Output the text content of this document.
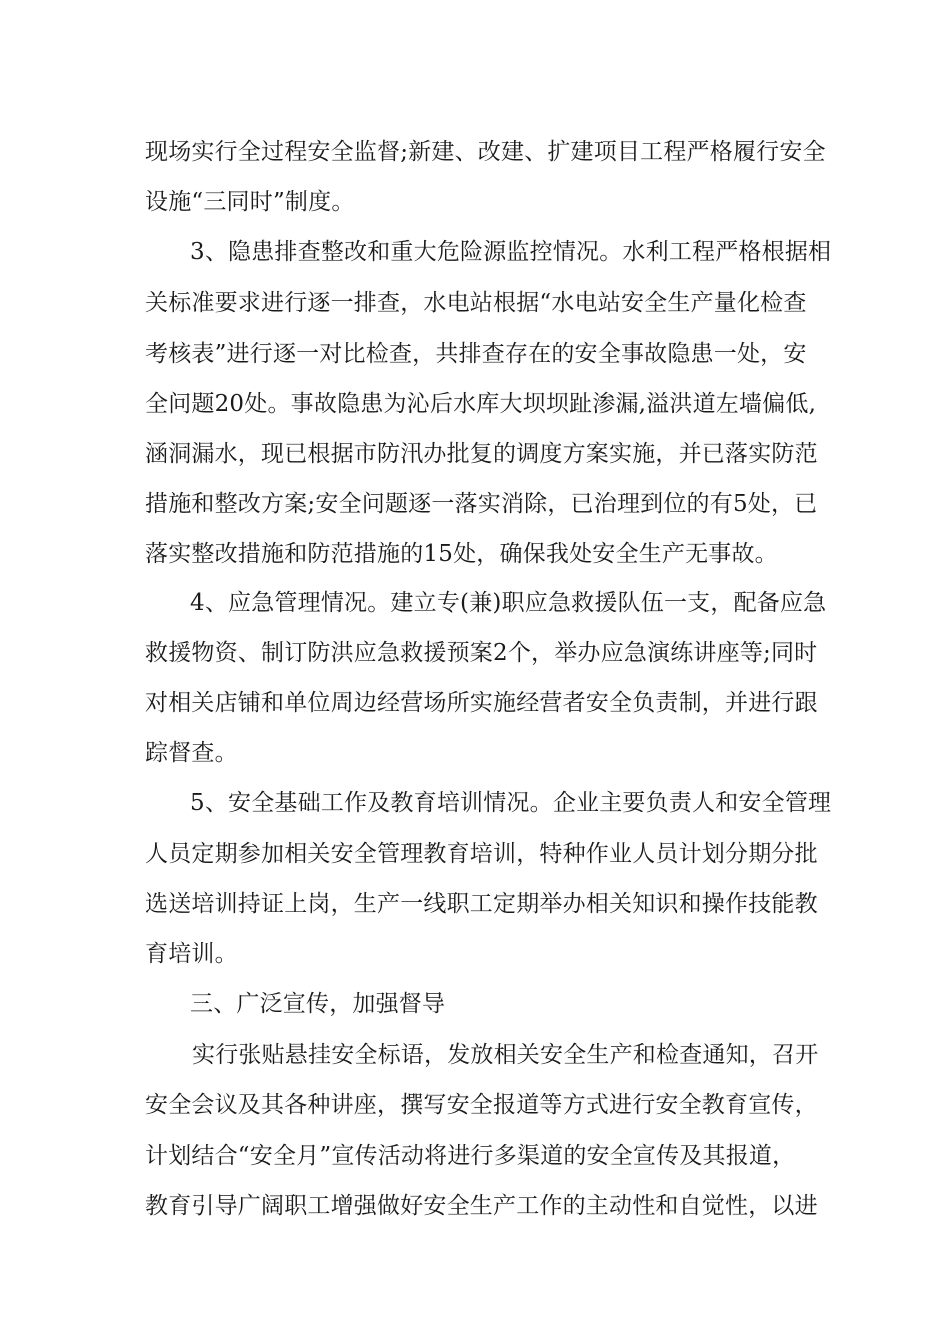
现场实行全过程安全监督;新建、改建、扩建项目工程严格履行安全
设施“三同时”制度。
3、隐患排查整改和重大危险源监控情况。水利工程严格根据相
关标准要求进行逐一排查，水电站根据“水电站安全生产量化检查
考核表”进行逐一对比检查，共排查存在的安全事故隐患一处，安
全问题20处。事故隐患为沁后水库大坝坝趾渗漏,溢洪道左墙偏低,
涵洞漏水，现已根据市防汛办批复的调度方案实施，并已落实防范
措施和整改方案;安全问题逐一落实消除，已治理到位的有5处，已
落实整改措施和防范措施的15处，确保我处安全生产无事故。
4、应急管理情况。建立专(兼)职应急救援队伍一支，配备应急
救援物资、制订防洪应急救援预案2个，举办应急演练讲座等;同时
对相关店铺和单位周边经营场所实施经营者安全负责制，并进行跟
踪督查。
5、安全基础工作及教育培训情况。企业主要负责人和安全管理
人员定期参加相关安全管理教育培训，特种作业人员计划分期分批
选送培训持证上岗，生产一线职工定期举办相关知识和操作技能教
育培训。
三、广泛宣传，加强督导
实行张贴悬挂安全标语，发放相关安全生产和检查通知，召开
安全会议及其各种讲座，撰写安全报道等方式进行安全教育宣传，
计划结合“安全月”宣传活动将进行多渠道的安全宣传及其报道，
教育引导广阔职工增强做好安全生产工作的主动性和自觉性，以进
